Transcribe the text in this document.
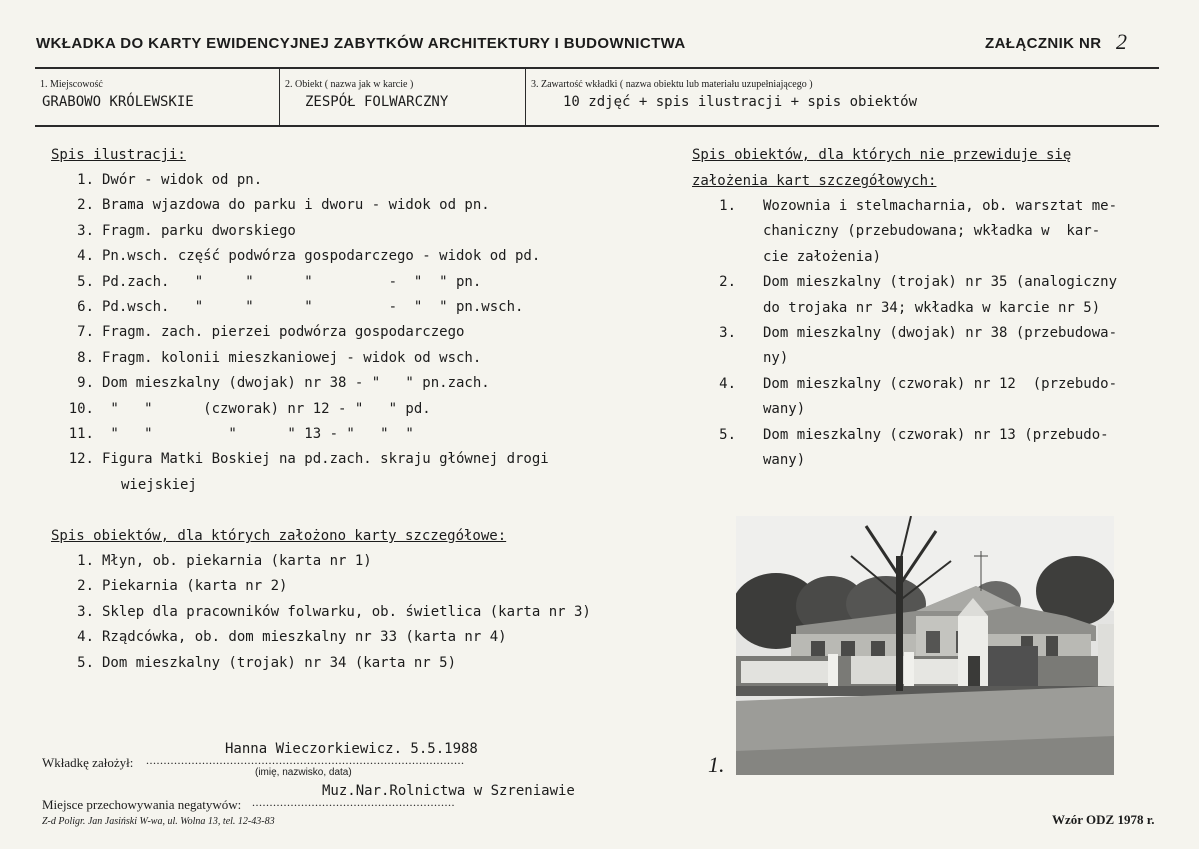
WKŁADKA DO KARTY EWIDENCYJNEJ ZABYTKÓW ARCHITEKTURY I BUDOWNICTWA	ZAŁĄCZNIK NR 2
1. Miejscowość
GRABOWO KRÓLEWSKIE
2. Obiekt ( nazwa jak w karcie )
ZESPÓŁ FOLWARCZNY
3. Zawartość wkładki ( nazwa obiektu lub materiału uzupełniającego )
10 zdjęć + spis ilustracji + spis obiektów
Spis ilustracji:
1. Dwór - widok od pn.
2. Brama wjazdowa do parku i dworu - widok od pn.
3. Fragm. parku dworskiego
4. Pn.wsch. część podwórza gospodarczego - widok od pd.
5. Pd.zach.   "     "      "         -  "  " pn.
6. Pd.wsch.   "     "      "         -  "  " pn.wsch.
7. Fragm. zach. pierzei podwórza gospodarczego
8. Fragm. kolonii mieszkaniowej - widok od wsch.
9. Dom mieszkalny (dwojak) nr 38 - "   " pn.zach.
10. "   "      (czworak) nr 12 - "   " pd.
11. "   "         "      " 13 - "   "  "
12. Figura Matki Boskiej na pd.zach. skraju głównej drogi
wiejskiej
Spis obiektów, dla których założono karty szczegółowe:
1. Młyn, ob. piekarnia (karta nr 1)
2. Piekarnia (karta nr 2)
3. Sklep dla pracowników folwarku, ob. świetlica (karta nr 3)
4. Rządcówka, ob. dom mieszkalny nr 33 (karta nr 4)
5. Dom mieszkalny (trojak) nr 34 (karta nr 5)
Spis obiektów, dla których nie przewiduje się
założenia kart szczegółowych:
1. Wozownia i stelmacharnia, ob. warsztat me-
chaniczny (przebudowana; wkładka w  kar-
cie założenia)
2. Dom mieszkalny (trojak) nr 35 (analogiczny
do trojaka nr 34; wkładka w karcie nr 5)
3. Dom mieszkalny (dwojak) nr 38 (przebudowa-
ny)
4. Dom mieszkalny (czworak) nr 12  (przebudo-
wany)
5. Dom mieszkalny (czworak) nr 13 (przebudo-
wany)
1.
Hanna Wieczorkiewicz. 5.5.1988
Wkładkę założył: ...........................................................................................
(imię, nazwisko, data)
Muz.Nar.Rolnictwa w Szreniawie
Miejsce przechowywania negatywów: ..........................................................
Z-d Poligr. Jan Jasiński W-wa, ul. Wolna 13, tel. 12-43-83	Wzór ODZ 1978 r.
